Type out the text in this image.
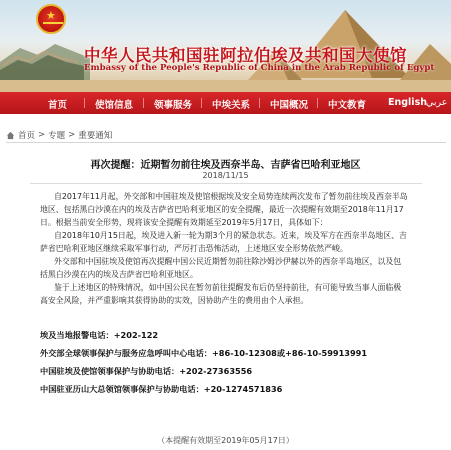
★
中华人民共和国驻阿拉伯埃及共和国大使馆
Embassy of the People's Republic of China in the Arab Republic of Egypt
首页	使馆信息 领事服务 中埃关系 中国概况 中文教育 English عربي
首页 > 专题 > 重要通知
再次提醒：近期暂勿前往埃及西奈半岛、吉萨省巴哈利亚地区
2018/11/15
自2017年11月起，外交部和中国驻埃及使馆根据埃及安全局势连续两次发布了暂勿前往埃及西奈半岛
地区、包括黑白沙漠在内的埃及吉萨省巴哈利亚地区的安全提醒，最近一次提醒有效期至2018年11月17
日。根据当前安全形势，现将该安全提醒有效期延至2019年5月17日，具体如下：
自2018年10月15日起，埃及进入新一轮为期3个月的紧急状态。近来，埃及军方在西奈半岛地区、吉
萨省巴哈利亚地区继续采取军事行动，严厉打击恐怖活动，上述地区安全形势依然严峻。
外交部和中国驻埃及使馆再次提醒中国公民近期暂勿前往除沙姆沙伊赫以外的西奈半岛地区，以及包
括黑白沙漠在内的埃及吉萨省巴哈利亚地区。
鉴于上述地区的特殊情况，如中国公民在暂勿前往提醒发布后仍坚持前往，有可能导致当事人面临极
高安全风险，并严重影响其获得协助的实效，因协助产生的费用由个人承担。
埃及当地报警电话：+202-122
外交部全球领事保护与服务应急呼叫中心电话：+86-10-12308或+86-10-59913991
中国驻埃及使馆领事保护与协助电话：+202-27363556
中国驻亚历山大总领馆领事保护与协助电话：+20-1274571836
（本提醒有效期至2019年05月17日）
